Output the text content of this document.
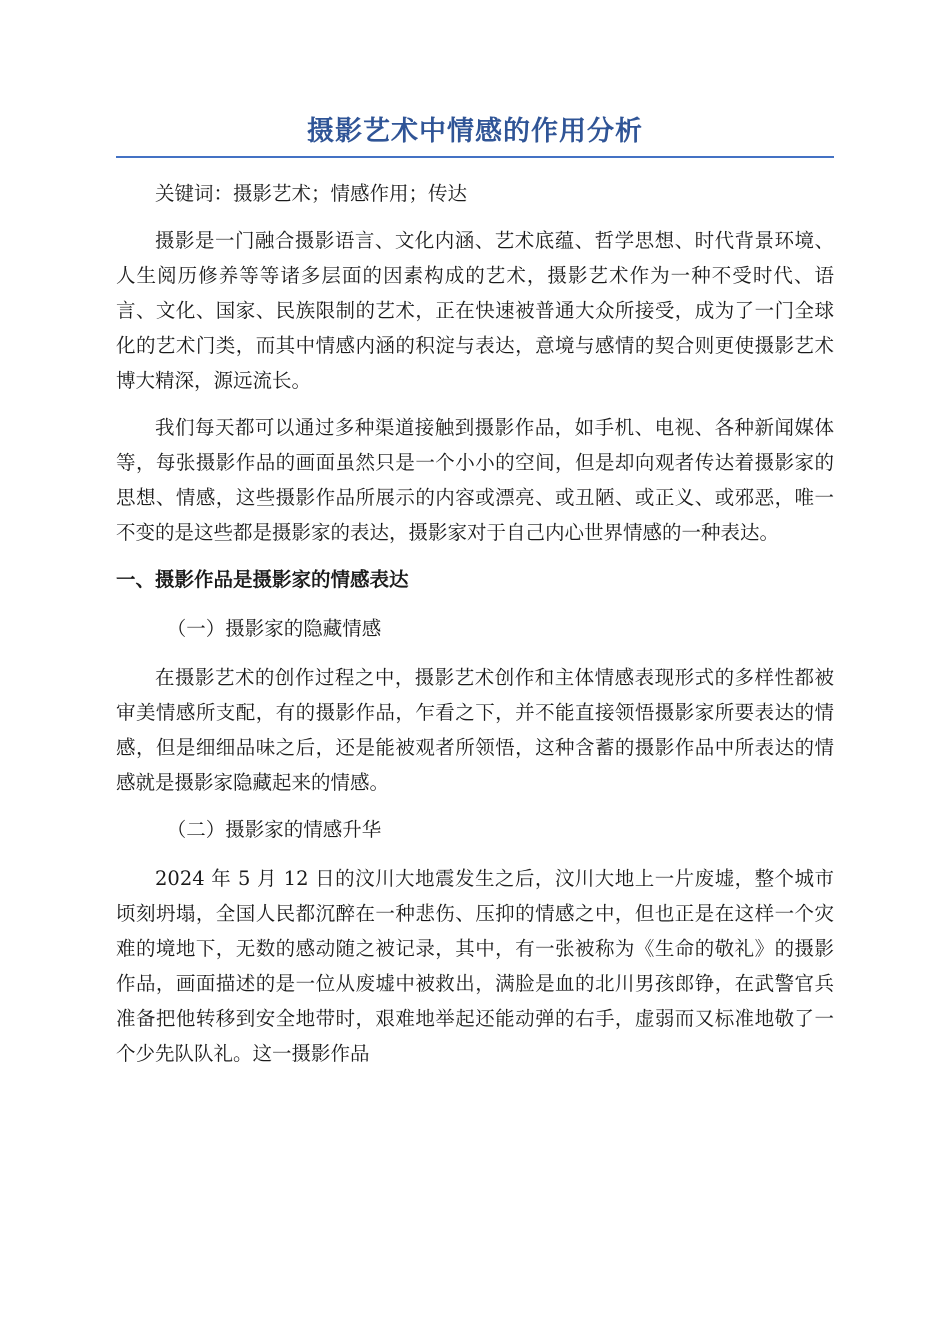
摄影艺术中情感的作用分析

关键词：摄影艺术；情感作用；传达

摄影是一门融合摄影语言、文化内涵、艺术底蕴、哲学思想、时代背景环境、人生阅历修养等等诸多层面的因素构成的艺术，摄影艺术作为一种不受时代、语言、文化、国家、民族限制的艺术，正在快速被普通大众所接受，成为了一门全球化的艺术门类，而其中情感内涵的积淀与表达，意境与感情的契合则更使摄影艺术博大精深，源远流长。

我们每天都可以通过多种渠道接触到摄影作品，如手机、电视、各种新闻媒体等，每张摄影作品的画面虽然只是一个小小的空间，但是却向观者传达着摄影家的思想、情感，这些摄影作品所展示的内容或漂亮、或丑陋、或正义、或邪恶，唯一不变的是这些都是摄影家的表达，摄影家对于自己内心世界情感的一种表达。

一、摄影作品是摄影家的情感表达
（一）摄影家的隐藏情感

在摄影艺术的创作过程之中，摄影艺术创作和主体情感表现形式的多样性都被审美情感所支配，有的摄影作品，乍看之下，并不能直接领悟摄影家所要表达的情感，但是细细品味之后，还是能被观者所领悟，这种含蓄的摄影作品中所表达的情感就是摄影家隐藏起来的情感。

（二）摄影家的情感升华

2024 年 5 月 12 日的汶川大地震发生之后，汶川大地上一片废墟，整个城市顷刻坍塌，全国人民都沉醉在一种悲伤、压抑的情感之中，但也正是在这样一个灾难的境地下，无数的感动随之被记录，其中，有一张被称为《生命的敬礼》的摄影作品，画面描述的是一位从废墟中被救出，满脸是血的北川男孩郎铮，在武警官兵准备把他转移到安全地带时，艰难地举起还能动弹的右手，虚弱而又标准地敬了一个少先队队礼。这一摄影作品
